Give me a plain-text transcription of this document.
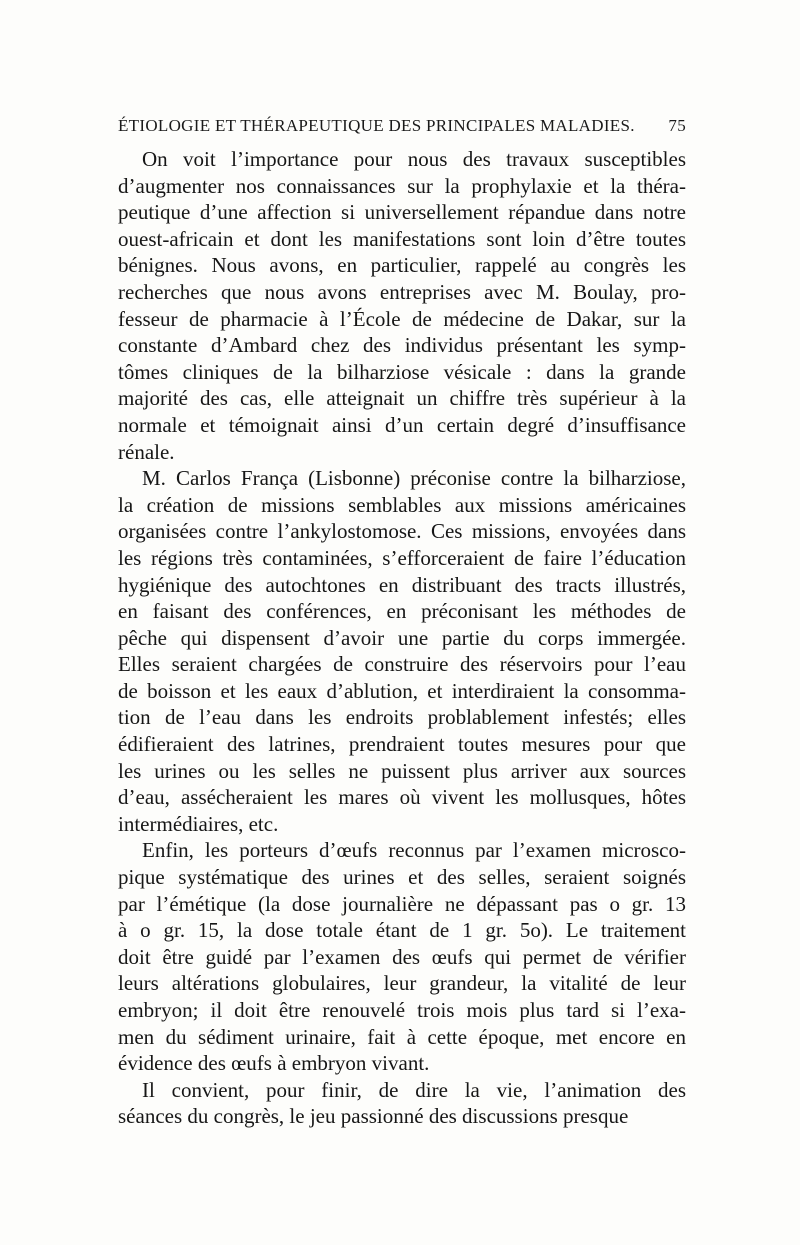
ÉTIOLOGIE ET THÉRAPEUTIQUE DES PRINCIPALES MALADIES. 75
On voit l’importance pour nous des travaux susceptibles
d’augmenter nos connaissances sur la prophylaxie et la théra-
peutique d’une affection si universellement répandue dans notre
ouest-africain et dont les manifestations sont loin d’être toutes
bénignes. Nous avons, en particulier, rappelé au congrès les
recherches que nous avons entreprises avec M. Boulay, pro-
fesseur de pharmacie à l’École de médecine de Dakar, sur la
constante d’Ambard chez des individus présentant les symp-
tômes cliniques de la bilharziose vésicale : dans la grande
majorité des cas, elle atteignait un chiffre très supérieur à la
normale et témoignait ainsi d’un certain degré d’insuffisance
rénale.
M. Carlos França (Lisbonne) préconise contre la bilharziose,
la création de missions semblables aux missions américaines
organisées contre l’ankylostomose. Ces missions, envoyées dans
les régions très contaminées, s’efforceraient de faire l’éducation
hygiénique des autochtones en distribuant des tracts illustrés,
en faisant des conférences, en préconisant les méthodes de
pêche qui dispensent d’avoir une partie du corps immergée.
Elles seraient chargées de construire des réservoirs pour l’eau
de boisson et les eaux d’ablution, et interdiraient la consomma-
tion de l’eau dans les endroits problablement infestés; elles
édifieraient des latrines, prendraient toutes mesures pour que
les urines ou les selles ne puissent plus arriver aux sources
d’eau, assécheraient les mares où vivent les mollusques, hôtes
intermédiaires, etc.
Enfin, les porteurs d’œufs reconnus par l’examen microsco-
pique systématique des urines et des selles, seraient soignés
par l’émétique (la dose journalière ne dépassant pas o gr. 13
à o gr. 15, la dose totale étant de 1 gr. 5o). Le traitement
doit être guidé par l’examen des œufs qui permet de vérifier
leurs altérations globulaires, leur grandeur, la vitalité de leur
embryon; il doit être renouvelé trois mois plus tard si l’exa-
men du sédiment urinaire, fait à cette époque, met encore en
évidence des œufs à embryon vivant.
Il convient, pour finir, de dire la vie, l’animation des
séances du congrès, le jeu passionné des discussions presque
